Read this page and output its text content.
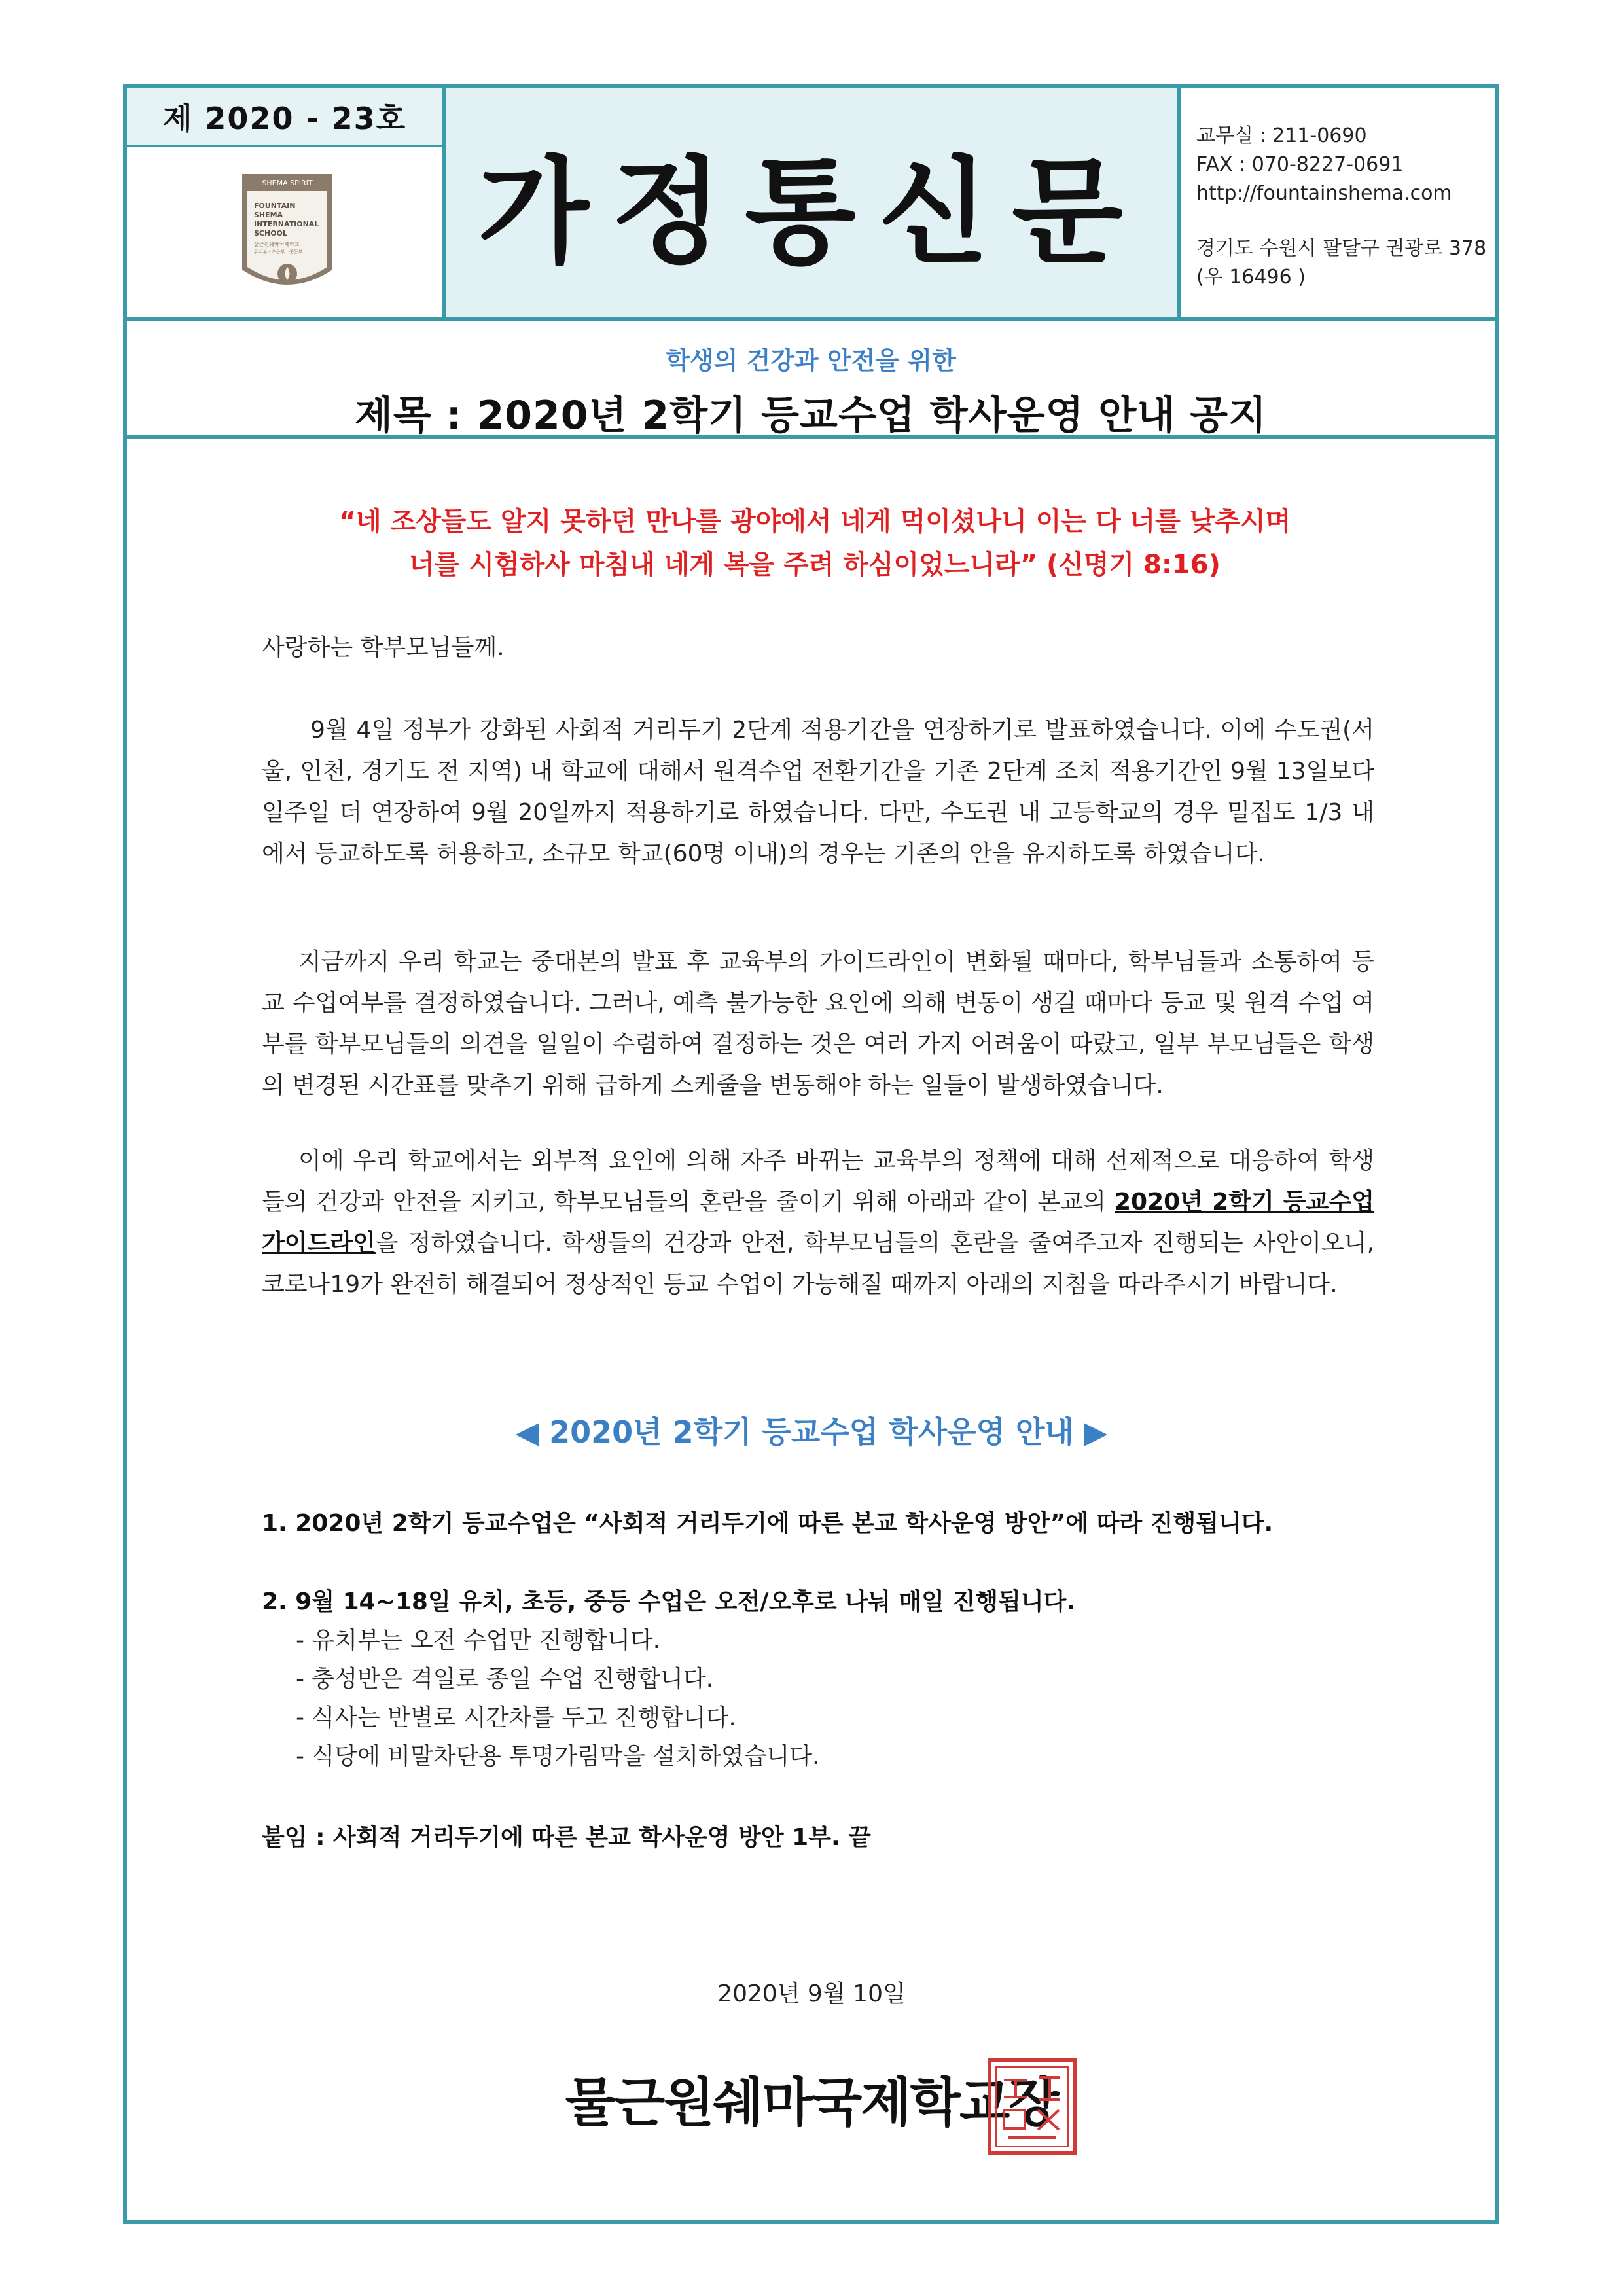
제 2020 - 23호
SHEMA SPIRIT
FOUNTAIN
SHEMA
INTERNATIONAL
SCHOOL
물근원쉐마국제학교
유치부 · 초등부 · 중등부 가정통신문
교무실 : 211-0690
FAX : 070-8227-0691
http://fountainshema.com
경기도 수원시 팔달구 권광로 378
(우 16496 )
학생의 건강과 안전을 위한
제목 : 2020년 2학기 등교수업 학사운영 안내 공지
“네 조상들도 알지 못하던 만나를 광야에서 네게 먹이셨나니 이는 다 너를 낮추시며
너를 시험하사 마침내 네게 복을 주려 하심이었느니라” (신명기 8:16)
사랑하는 학부모님들께.
9월 4일 정부가 강화된 사회적 거리두기 2단계 적용기간을 연장하기로 발표하였습니다. 이에 수도권(서울, 인천, 경기도 전 지역) 내 학교에 대해서 원격수업 전환기간을 기존 2단계 조치 적용기간인 9월 13일보다 일주일 더 연장하여 9월 20일까지 적용하기로 하였습니다. 다만, 수도권 내 고등학교의 경우 밀집도 1/3 내에서 등교하도록 허용하고, 소규모 학교(60명 이내)의 경우는 기존의 안을 유지하도록 하였습니다.
지금까지 우리 학교는 중대본의 발표 후 교육부의 가이드라인이 변화될 때마다, 학부님들과 소통하여 등교 수업여부를 결정하였습니다. 그러나, 예측 불가능한 요인에 의해 변동이 생길 때마다 등교 및 원격 수업 여부를 학부모님들의 의견을 일일이 수렴하여 결정하는 것은 여러 가지 어려움이 따랐고, 일부 부모님들은 학생의 변경된 시간표를 맞추기 위해 급하게 스케줄을 변동해야 하는 일들이 발생하였습니다.
이에 우리 학교에서는 외부적 요인에 의해 자주 바뀌는 교육부의 정책에 대해 선제적으로 대응하여 학생들의 건강과 안전을 지키고, 학부모님들의 혼란을 줄이기 위해 아래과 같이 본교의 2020년 2학기 등교수업 가이드라인을 정하였습니다. 학생들의 건강과 안전, 학부모님들의 혼란을 줄여주고자 진행되는 사안이오니, 코로나19가 완전히 해결되어 정상적인 등교 수업이 가능해질 때까지 아래의 지침을 따라주시기 바랍니다.
◀ 2020년 2학기 등교수업 학사운영 안내 ▶
1. 2020년 2학기 등교수업은 “사회적 거리두기에 따른 본교 학사운영 방안”에 따라 진행됩니다.
2. 9월 14~18일 유치, 초등, 중등 수업은 오전/오후로 나눠 매일 진행됩니다.
- 유치부는 오전 수업만 진행합니다.
- 충성반은 격일로 종일 수업 진행합니다.
- 식사는 반별로 시간차를 두고 진행합니다.
- 식당에 비말차단용 투명가림막을 설치하였습니다.
붙임 : 사회적 거리두기에 따른 본교 학사운영 방안 1부. 끝
2020년 9월 10일
물근원쉐마국제학교장
